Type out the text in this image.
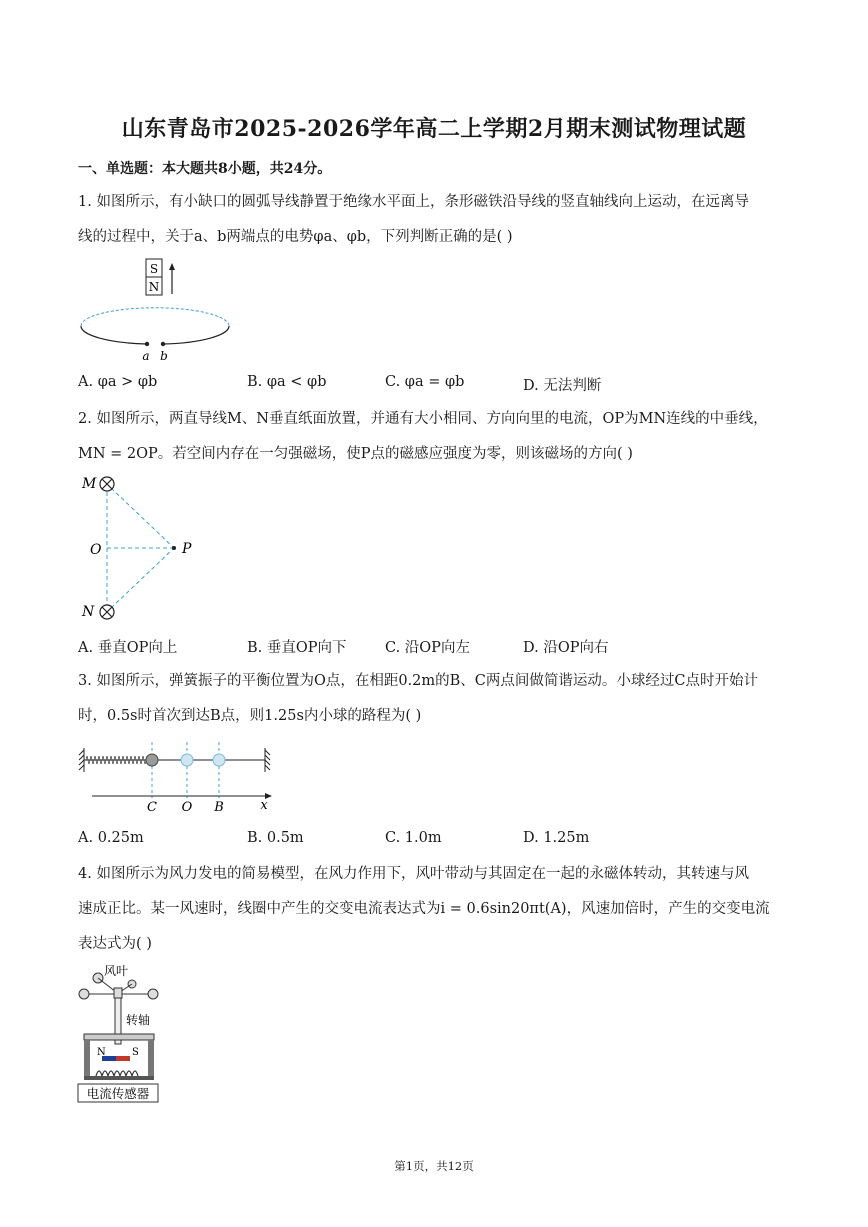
山东青岛市2025-2026学年高二上学期2月期末测试物理试题
一、单选题：本大题共8小题，共24分。
1. 如图所示，有小缺口的圆弧导线静置于绝缘水平面上，条形磁铁沿导线的竖直轴线向上运动，在远离导
线的过程中，关于a、b两端点的电势φa、φb，下列判断正确的是( )
S
N
a b
A. φa > φb	B. φa < φb	C. φa = φb	D. 无法判断
2. 如图所示，两直导线M、N垂直纸面放置，并通有大小相同、方向向里的电流，OP为MN连线的中垂线，
MN = 2OP。若空间内存在一匀强磁场，使P点的磁感应强度为零，则该磁场的方向( )
M
N
O	P
A. 垂直OP向上	B. 垂直OP向下	C. 沿OP向左	D. 沿OP向右
3. 如图所示，弹簧振子的平衡位置为O点，在相距0.2m的B、C两点间做简谐运动。小球经过C点时开始计
时，0.5s时首次到达B点，则1.25s内小球的路程为( )
C O B	x
A. 0.25m	B. 0.5m	C. 1.0m	D. 1.25m
4. 如图所示为风力发电的简易模型，在风力作用下，风叶带动与其固定在一起的永磁体转动，其转速与风
速成正比。某一风速时，线圈中产生的交变电流表达式为i = 0.6sin20πt(A)，风速加倍时，产生的交变电流
表达式为( )
风叶
转轴
N	S
电流传感器
第1页，共12页
